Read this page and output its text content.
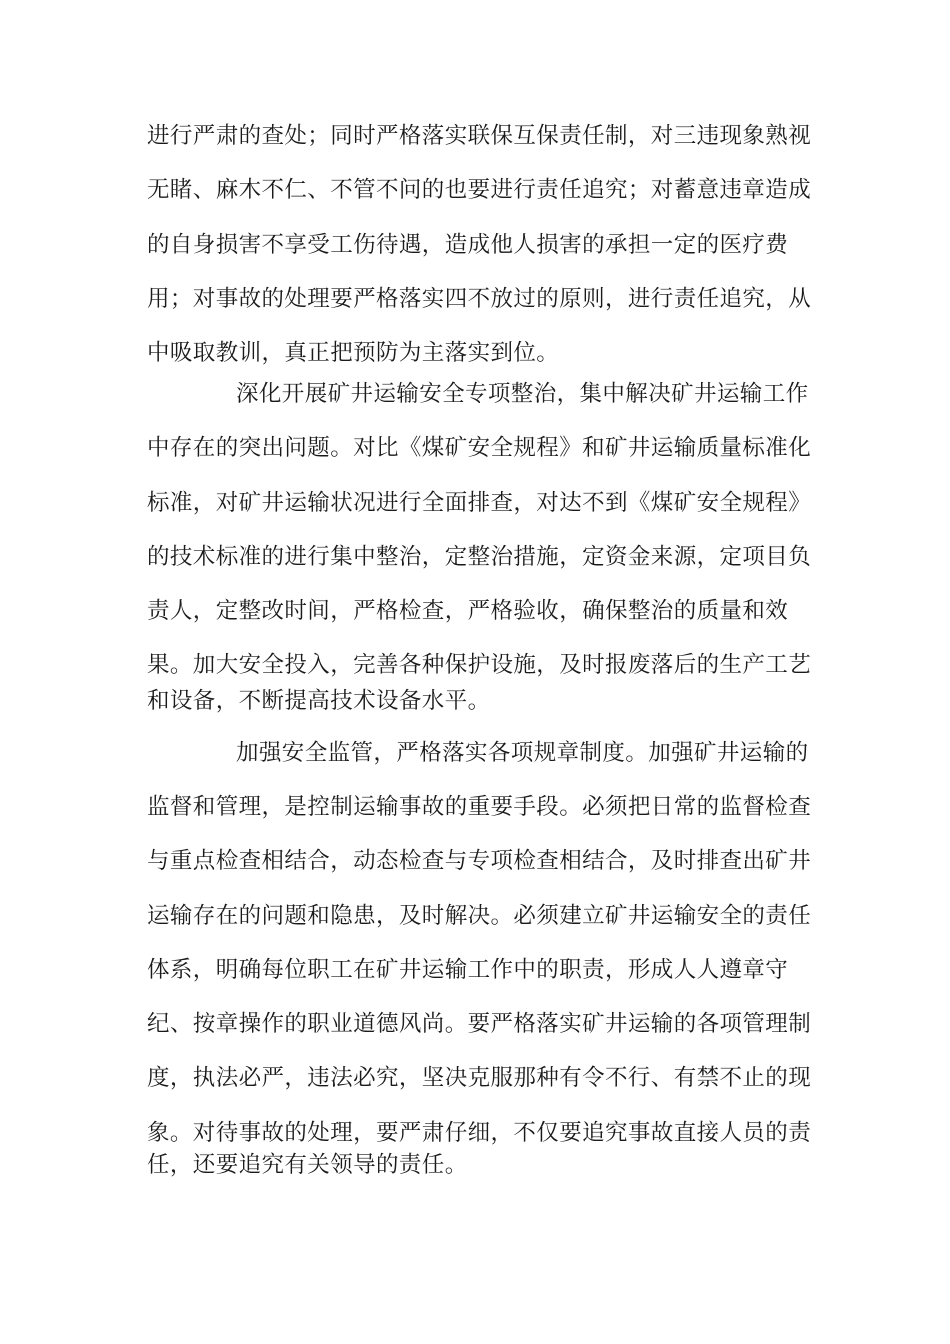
进行严肃的查处；同时严格落实联保互保责任制，对三违现象熟视
无睹、麻木不仁、不管不问的也要进行责任追究；对蓄意违章造成
的自身损害不享受工伤待遇，造成他人损害的承担一定的医疗费
用；对事故的处理要严格落实四不放过的原则，进行责任追究，从
中吸取教训，真正把预防为主落实到位。
深化开展矿井运输安全专项整治，集中解决矿井运输工作
中存在的突出问题。对比《煤矿安全规程》和矿井运输质量标准化
标准，对矿井运输状况进行全面排查，对达不到《煤矿安全规程》
的技术标准的进行集中整治，定整治措施，定资金来源，定项目负
责人，定整改时间，严格检查，严格验收，确保整治的质量和效
果。加大安全投入，完善各种保护设施，及时报废落后的生产工艺
和设备，不断提高技术设备水平。
加强安全监管，严格落实各项规章制度。加强矿井运输的
监督和管理，是控制运输事故的重要手段。必须把日常的监督检查
与重点检查相结合，动态检查与专项检查相结合，及时排查出矿井
运输存在的问题和隐患，及时解决。必须建立矿井运输安全的责任
体系，明确每位职工在矿井运输工作中的职责，形成人人遵章守
纪、按章操作的职业道德风尚。要严格落实矿井运输的各项管理制
度，执法必严，违法必究，坚决克服那种有令不行、有禁不止的现
象。对待事故的处理，要严肃仔细，不仅要追究事故直接人员的责
任，还要追究有关领导的责任。
